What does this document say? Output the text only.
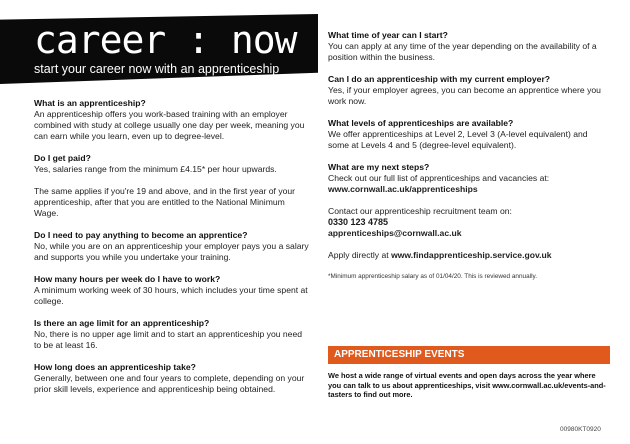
career : now
start your career now with an apprenticeship

What is an apprenticeship?

An apprenticeship offers you work-based training with an employer combined with study at college usually one day per week, meaning you can earn while you learn, even up to degree-level.

Do I get paid?

Yes, salaries range from the minimum £4.15* per hour upwards.

The same applies if you're 19 and above, and in the first year of your apprenticeship, after that you are entitled to the National Minimum Wage.

Do I need to pay anything to become an apprentice?

No, while you are on an apprenticeship your employer pays you a salary and supports you while you undertake your training.

How many hours per week do I have to work?

A minimum working week of 30 hours, which includes your time spent at college.

Is there an age limit for an apprenticeship?

No, there is no upper age limit and to start an apprenticeship you need to be at least 16.

How long does an apprenticeship take?

Generally, between one and four years to complete, depending on your prior skill levels, experience and apprenticeship being obtained.

What time of year can I start?

You can apply at any time of the year depending on the availability of a position within the business.

Can I do an apprenticeship with my current employer?

Yes, if your employer agrees, you can become an apprentice where you work now.

What levels of apprenticeships are available?

We offer apprenticeships at Level 2, Level 3 (A-level equivalent) and some at Levels 4 and 5 (degree-level equivalent).

What are my next steps?

Check out our full list of apprenticeships and vacancies at:

www.cornwall.ac.uk/apprenticeships

Contact our apprenticeship recruitment team on:

0330 123 4785

apprenticeships@cornwall.ac.uk

Apply directly at www.findapprenticeship.service.gov.uk

*Minimum apprenticeship salary as of 01/04/20. This is reviewed annually.

APPRENTICESHIP EVENTS

We host a wide range of virtual events and open days across the year where you can talk to us about apprenticeships, visit www.cornwall.ac.uk/events-and-tasters to find out more.

00980KT0920
